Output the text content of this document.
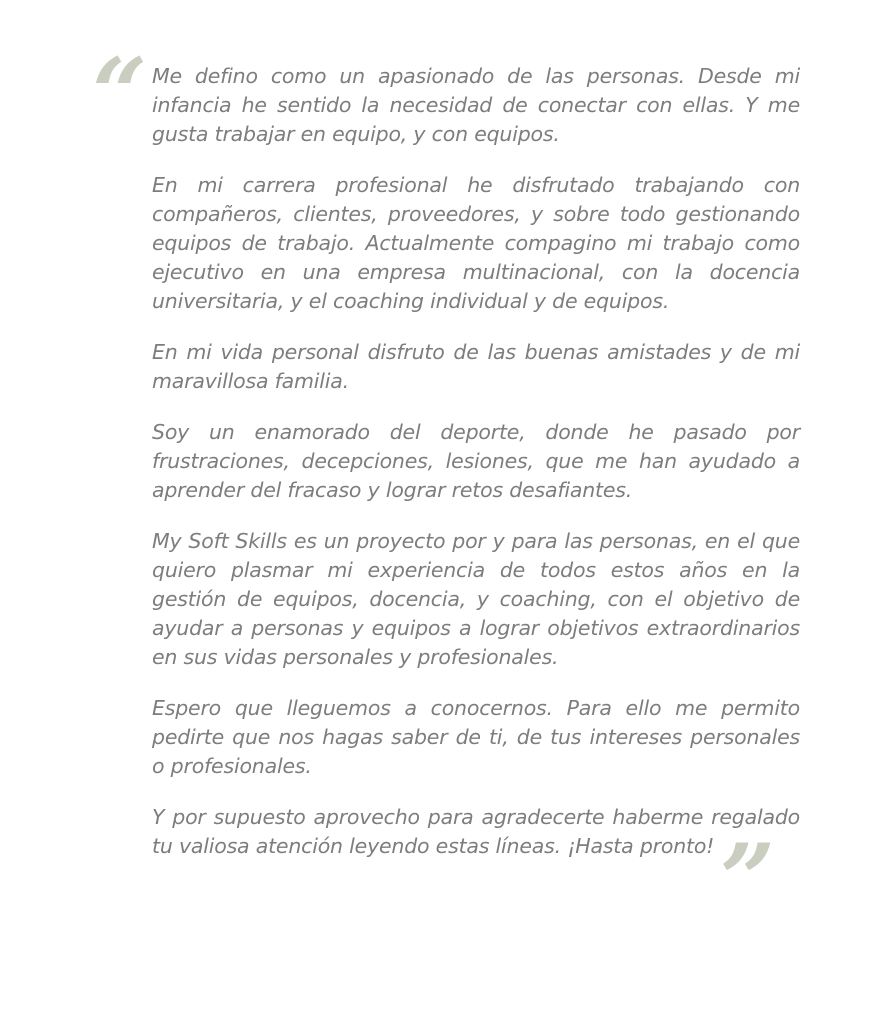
“ Me defino como un apasionado de las personas. Desde mi infancia he sentido la necesidad de conectar con ellas. Y me gusta trabajar en equipo, y con equipos.

En mi carrera profesional he disfrutado trabajando con compañeros, clientes, proveedores, y sobre todo gestionando equipos de trabajo. Actualmente compagino mi trabajo como ejecutivo en una empresa multinacional, con la docencia universitaria, y el coaching individual y de equipos.

En mi vida personal disfruto de las buenas amistades y de mi maravillosa familia.

Soy un enamorado del deporte, donde he pasado por frustraciones, decepciones, lesiones, que me han ayudado a aprender del fracaso y lograr retos desafiantes.

My Soft Skills es un proyecto por y para las personas, en el que quiero plasmar mi experiencia de todos estos años en la gestión de equipos, docencia, y coaching, con el objetivo de ayudar a personas y equipos a lograr objetivos extraordinarios en sus vidas personales y profesionales.

Espero que lleguemos a conocernos. Para ello me permito pedirte que nos hagas saber de ti, de tus intereses personales o profesionales.

Y por supuesto aprovecho para agradecerte haberme regalado tu valiosa atención leyendo estas líneas. ¡Hasta pronto! ”
